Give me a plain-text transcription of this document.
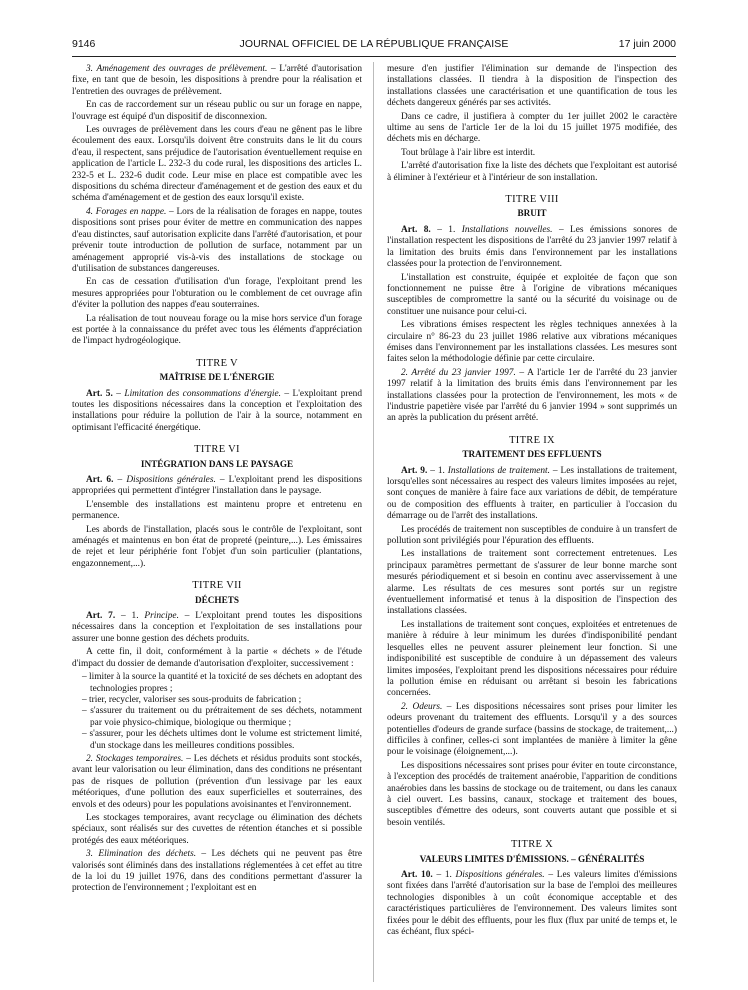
9146	JOURNAL OFFICIEL DE LA RÉPUBLIQUE FRANÇAISE	17 juin 2000

3. Aménagement des ouvrages de prélèvement. – L'arrêté d'autorisation fixe, en tant que de besoin, les dispositions à prendre pour la réalisation et l'entretien des ouvrages de prélèvement.

En cas de raccordement sur un réseau public ou sur un forage en nappe, l'ouvrage est équipé d'un dispositif de disconnexion.

Les ouvrages de prélèvement dans les cours d'eau ne gênent pas le libre écoulement des eaux. Lorsqu'ils doivent être construits dans le lit du cours d'eau, il respectent, sans préjudice de l'autorisation éventuellement requise en application de l'article L. 232-3 du code rural, les dispositions des articles L. 232-5 et L. 232-6 dudit code. Leur mise en place est compatible avec les dispositions du schéma directeur d'aménagement et de gestion des eaux et du schéma d'aménagement et de gestion des eaux lorsqu'il existe.

4. Forages en nappe. – Lors de la réalisation de forages en nappe, toutes dispositions sont prises pour éviter de mettre en communication des nappes d'eau distinctes, sauf autorisation explicite dans l'arrêté d'autorisation, et pour prévenir toute introduction de pollution de surface, notamment par un aménagement approprié vis-à-vis des installations de stockage ou d'utilisation de substances dangereuses.

En cas de cessation d'utilisation d'un forage, l'exploitant prend les mesures appropriées pour l'obturation ou le comblement de cet ouvrage afin d'éviter la pollution des nappes d'eau souterraines.

La réalisation de tout nouveau forage ou la mise hors service d'un forage est portée à la connaissance du préfet avec tous les éléments d'appréciation de l'impact hydrogéologique.

TITRE V
MAÎTRISE DE L'ÉNERGIE

Art. 5. – Limitation des consommations d'énergie. – L'exploitant prend toutes les dispositions nécessaires dans la conception et l'exploitation des installations pour réduire la pollution de l'air à la source, notamment en optimisant l'efficacité énergétique.

TITRE VI
INTÉGRATION DANS LE PAYSAGE

Art. 6. – Dispositions générales. – L'exploitant prend les dispositions appropriées qui permettent d'intégrer l'installation dans le paysage.

L'ensemble des installations est maintenu propre et entretenu en permanence.

Les abords de l'installation, placés sous le contrôle de l'exploitant, sont aménagés et maintenus en bon état de propreté (peinture,...). Les émissaires de rejet et leur périphérie font l'objet d'un soin particulier (plantations, engazonnement,...).

TITRE VII
DÉCHETS

Art. 7. – 1. Principe. – L'exploitant prend toutes les dispositions nécessaires dans la conception et l'exploitation de ses installations pour assurer une bonne gestion des déchets produits.

A cette fin, il doit, conformément à la partie « déchets » de l'étude d'impact du dossier de demande d'autorisation d'exploiter, successivement :

– limiter à la source la quantité et la toxicité de ses déchets en adoptant des technologies propres ;
– trier, recycler, valoriser ses sous-produits de fabrication ;
– s'assurer du traitement ou du prétraitement de ses déchets, notamment par voie physico-chimique, biologique ou thermique ;
– s'assurer, pour les déchets ultimes dont le volume est strictement limité, d'un stockage dans les meilleures conditions possibles.

2. Stockages temporaires. – Les déchets et résidus produits sont stockés, avant leur valorisation ou leur élimination, dans des conditions ne présentant pas de risques de pollution (prévention d'un lessivage par les eaux météoriques, d'une pollution des eaux superficielles et souterraines, des envols et des odeurs) pour les populations avoisinantes et l'environnement.

Les stockages temporaires, avant recyclage ou élimination des déchets spéciaux, sont réalisés sur des cuvettes de rétention étanches et si possible protégés des eaux météoriques.

3. Elimination des déchets. – Les déchets qui ne peuvent pas être valorisés sont éliminés dans des installations réglementées à cet effet au titre de la loi du 19 juillet 1976, dans des conditions permettant d'assurer la protection de l'environnement ; l'exploitant est en

mesure d'en justifier l'élimination sur demande de l'inspection des installations classées. Il tiendra à la disposition de l'inspection des installations classées une caractérisation et une quantification de tous les déchets dangereux générés par ses activités.

Dans ce cadre, il justifiera à compter du 1er juillet 2002 le caractère ultime au sens de l'article 1er de la loi du 15 juillet 1975 modifiée, des déchets mis en décharge.

Tout brûlage à l'air libre est interdit.

L'arrêté d'autorisation fixe la liste des déchets que l'exploitant est autorisé à éliminer à l'extérieur et à l'intérieur de son installation.

TITRE VIII
BRUIT

Art. 8. – 1. Installations nouvelles. – Les émissions sonores de l'installation respectent les dispositions de l'arrêté du 23 janvier 1997 relatif à la limitation des bruits émis dans l'environnement par les installations classées pour la protection de l'environnement.

L'installation est construite, équipée et exploitée de façon que son fonctionnement ne puisse être à l'origine de vibrations mécaniques susceptibles de compromettre la santé ou la sécurité du voisinage ou de constituer une nuisance pour celui-ci.

Les vibrations émises respectent les règles techniques annexées à la circulaire n° 86-23 du 23 juillet 1986 relative aux vibrations mécaniques émises dans l'environnement par les installations classées. Les mesures sont faites selon la méthodologie définie par cette circulaire.

2. Arrêté du 23 janvier 1997. – A l'article 1er de l'arrêté du 23 janvier 1997 relatif à la limitation des bruits émis dans l'environnement par les installations classées pour la protection de l'environnement, les mots « de l'industrie papetière visée par l'arrêté du 6 janvier 1994 » sont supprimés un an après la publication du présent arrêté.

TITRE IX
TRAITEMENT DES EFFLUENTS

Art. 9. – 1. Installations de traitement. – Les installations de traitement, lorsqu'elles sont nécessaires au respect des valeurs limites imposées au rejet, sont conçues de manière à faire face aux variations de débit, de température ou de composition des effluents à traiter, en particulier à l'occasion du démarrage ou de l'arrêt des installations.

Les procédés de traitement non susceptibles de conduire à un transfert de pollution sont privilégiés pour l'épuration des effluents.

Les installations de traitement sont correctement entretenues. Les principaux paramètres permettant de s'assurer de leur bonne marche sont mesurés périodiquement et si besoin en continu avec asservissement à une alarme. Les résultats de ces mesures sont portés sur un registre éventuellement informatisé et tenus à la disposition de l'inspection des installations classées.

Les installations de traitement sont conçues, exploitées et entretenues de manière à réduire à leur minimum les durées d'indisponibilité pendant lesquelles elles ne peuvent assurer pleinement leur fonction. Si une indisponibilité est susceptible de conduire à un dépassement des valeurs limites imposées, l'exploitant prend les dispositions nécessaires pour réduire la pollution émise en réduisant ou arrêtant si besoin les fabrications concernées.

2. Odeurs. – Les dispositions nécessaires sont prises pour limiter les odeurs provenant du traitement des effluents. Lorsqu'il y a des sources potentielles d'odeurs de grande surface (bassins de stockage, de traitement,...) difficiles à confiner, celles-ci sont implantées de manière à limiter la gêne pour le voisinage (éloignement,...).

Les dispositions nécessaires sont prises pour éviter en toute circonstance, à l'exception des procédés de traitement anaérobie, l'apparition de conditions anaérobies dans les bassins de stockage ou de traitement, ou dans les canaux à ciel ouvert. Les bassins, canaux, stockage et traitement des boues, susceptibles d'émettre des odeurs, sont couverts autant que possible et si besoin ventilés.

TITRE X
VALEURS LIMITES D'ÉMISSIONS. – GÉNÉRALITÉS

Art. 10. – 1. Dispositions générales. – Les valeurs limites d'émissions sont fixées dans l'arrêté d'autorisation sur la base de l'emploi des meilleures technologies disponibles à un coût économique acceptable et des caractéristiques particulières de l'environnement. Des valeurs limites sont fixées pour le débit des effluents, pour les flux (flux par unité de temps et, le cas échéant, flux spéci-
